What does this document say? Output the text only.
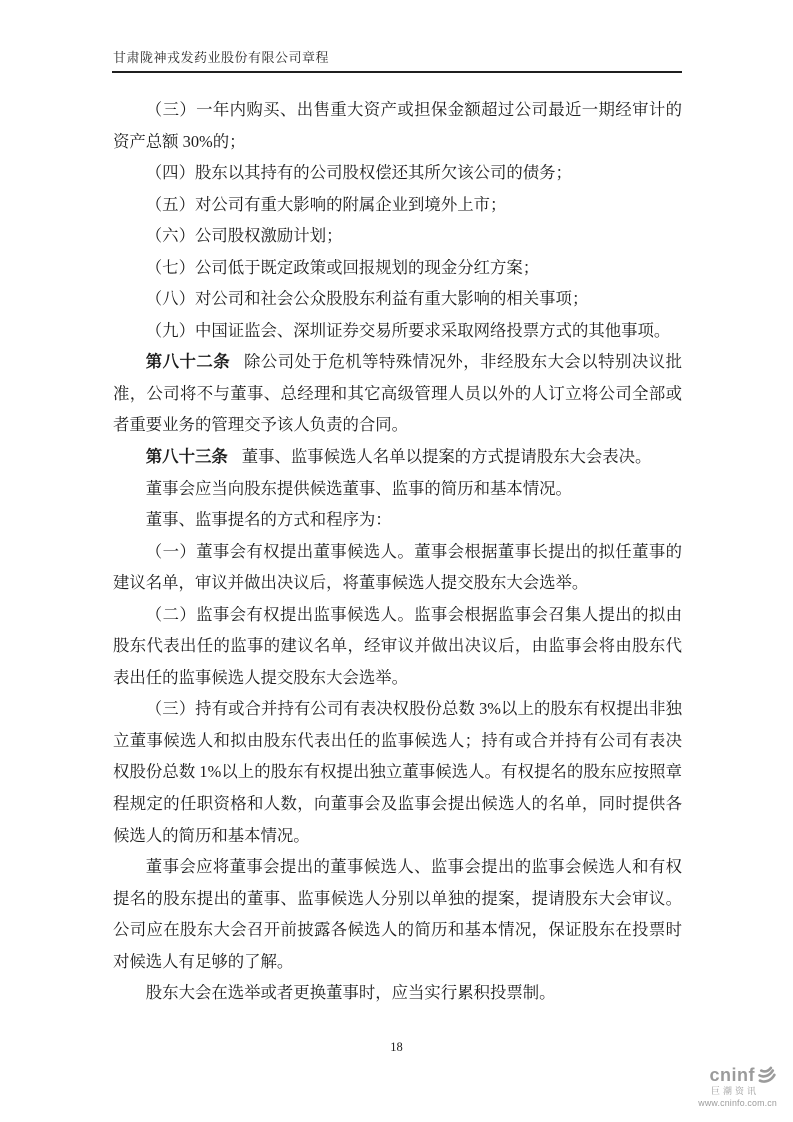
甘肃陇神戎发药业股份有限公司章程

（三）一年内购买、出售重大资产或担保金额超过公司最近一期经审计的资产总额 30%的；

（四）股东以其持有的公司股权偿还其所欠该公司的债务；

（五）对公司有重大影响的附属企业到境外上市；

（六）公司股权激励计划；

（七）公司低于既定政策或回报规划的现金分红方案；

（八）对公司和社会公众股股东利益有重大影响的相关事项；

（九）中国证监会、深圳证券交易所要求采取网络投票方式的其他事项。

第八十二条 除公司处于危机等特殊情况外，非经股东大会以特别决议批准，公司将不与董事、总经理和其它高级管理人员以外的人订立将公司全部或者重要业务的管理交予该人负责的合同。

第八十三条 董事、监事候选人名单以提案的方式提请股东大会表决。

董事会应当向股东提供候选董事、监事的简历和基本情况。

董事、监事提名的方式和程序为：

（一）董事会有权提出董事候选人。董事会根据董事长提出的拟任董事的建议名单，审议并做出决议后，将董事候选人提交股东大会选举。

（二）监事会有权提出监事候选人。监事会根据监事会召集人提出的拟由股东代表出任的监事的建议名单，经审议并做出决议后，由监事会将由股东代表出任的监事候选人提交股东大会选举。

（三）持有或合并持有公司有表决权股份总数 3%以上的股东有权提出非独立董事候选人和拟由股东代表出任的监事候选人；持有或合并持有公司有表决权股份总数 1%以上的股东有权提出独立董事候选人。有权提名的股东应按照章程规定的任职资格和人数，向董事会及监事会提出候选人的名单，同时提供各候选人的简历和基本情况。

董事会应将董事会提出的董事候选人、监事会提出的监事会候选人和有权提名的股东提出的董事、监事候选人分别以单独的提案，提请股东大会审议。公司应在股东大会召开前披露各候选人的简历和基本情况，保证股东在投票时对候选人有足够的了解。

股东大会在选举或者更换董事时，应当实行累积投票制。

18
cninf
巨潮资讯
www.cninfo.com.cn
